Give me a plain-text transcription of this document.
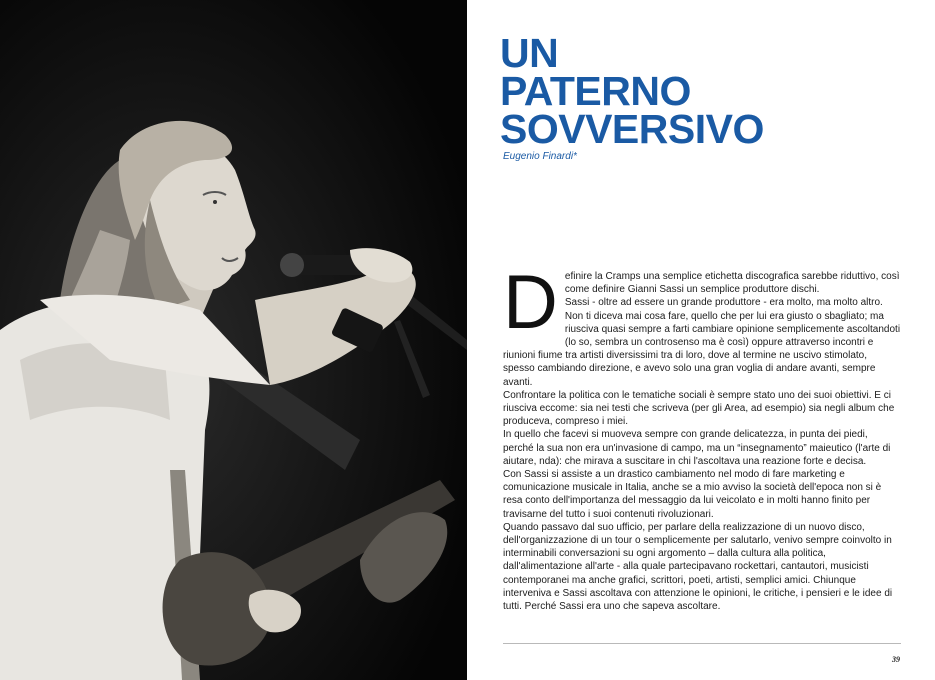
UN
PATERNO
SOVVERSIVO
Eugenio Finardi*
D efinire la Cramps una semplice etichetta discografica sarebbe riduttivo, così come definire Gianni Sassi un semplice produttore dischi.

Sassi - oltre ad essere un grande produttore - era molto, ma molto altro.

Non ti diceva mai cosa fare, quello che per lui era giusto o sbagliato; ma riusciva quasi sempre a farti cambiare opinione semplicemente ascoltandoti (lo so, sembra un controsenso ma è così) oppure attraverso incontri e riunioni fiume tra artisti diversissimi tra di loro, dove al termine ne uscivo stimolato, spesso cambiando direzione, e avevo solo una gran voglia di andare avanti, sempre avanti.

Confrontare la politica con le tematiche sociali è sempre stato uno dei suoi obiettivi. E ci riusciva eccome: sia nei testi che scriveva (per gli Area, ad esempio) sia negli album che produceva, compreso i miei.

In quello che facevi si muoveva sempre con grande delicatezza, in punta dei piedi, perché la sua non era un'invasione di campo, ma un “insegnamento” maieutico (l'arte di aiutare, nda): che mirava a suscitare in chi l'ascoltava una reazione forte e decisa.

Con Sassi si assiste a un drastico cambiamento nel modo di fare marketing e comunicazione musicale in Italia, anche se a mio avviso la società dell'epoca non si è resa conto dell'importanza del messaggio da lui veicolato e in molti hanno finito per travisarne del tutto i suoi contenuti rivoluzionari.

Quando passavo dal suo ufficio, per parlare della realizzazione di un nuovo disco, dell'organizzazione di un tour o semplicemente per salutarlo, venivo sempre coinvolto in interminabili conversazioni su ogni argomento – dalla cultura alla politica, dall'alimentazione all'arte - alla quale partecipavano rockettari, cantautori, musicisti contemporanei ma anche grafici, scrittori, poeti, artisti, semplici amici. Chiunque interveniva e Sassi ascoltava con attenzione le opinioni, le critiche, i pensieri e le idee di tutti. Perché Sassi era uno che sapeva ascoltare.

39
